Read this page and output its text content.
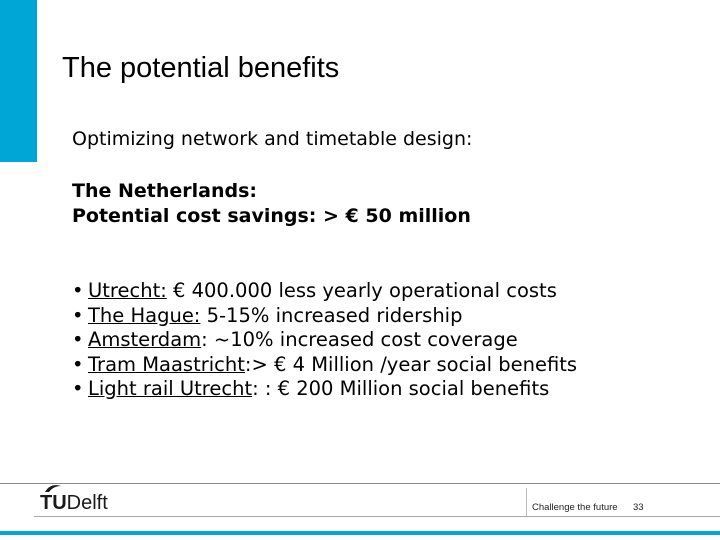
The potential benefits
Optimizing network and timetable design:
The Netherlands:
Potential cost savings: > € 50 million
• Utrecht: € 400.000 less yearly operational costs
• The Hague: 5-15% increased ridership
• Amsterdam: ~10% increased cost coverage
• Tram Maastricht:> € 4 Million /year social benefits
• Light rail Utrecht: : € 200 Million social benefits
TU Delft	Challenge the future 33
